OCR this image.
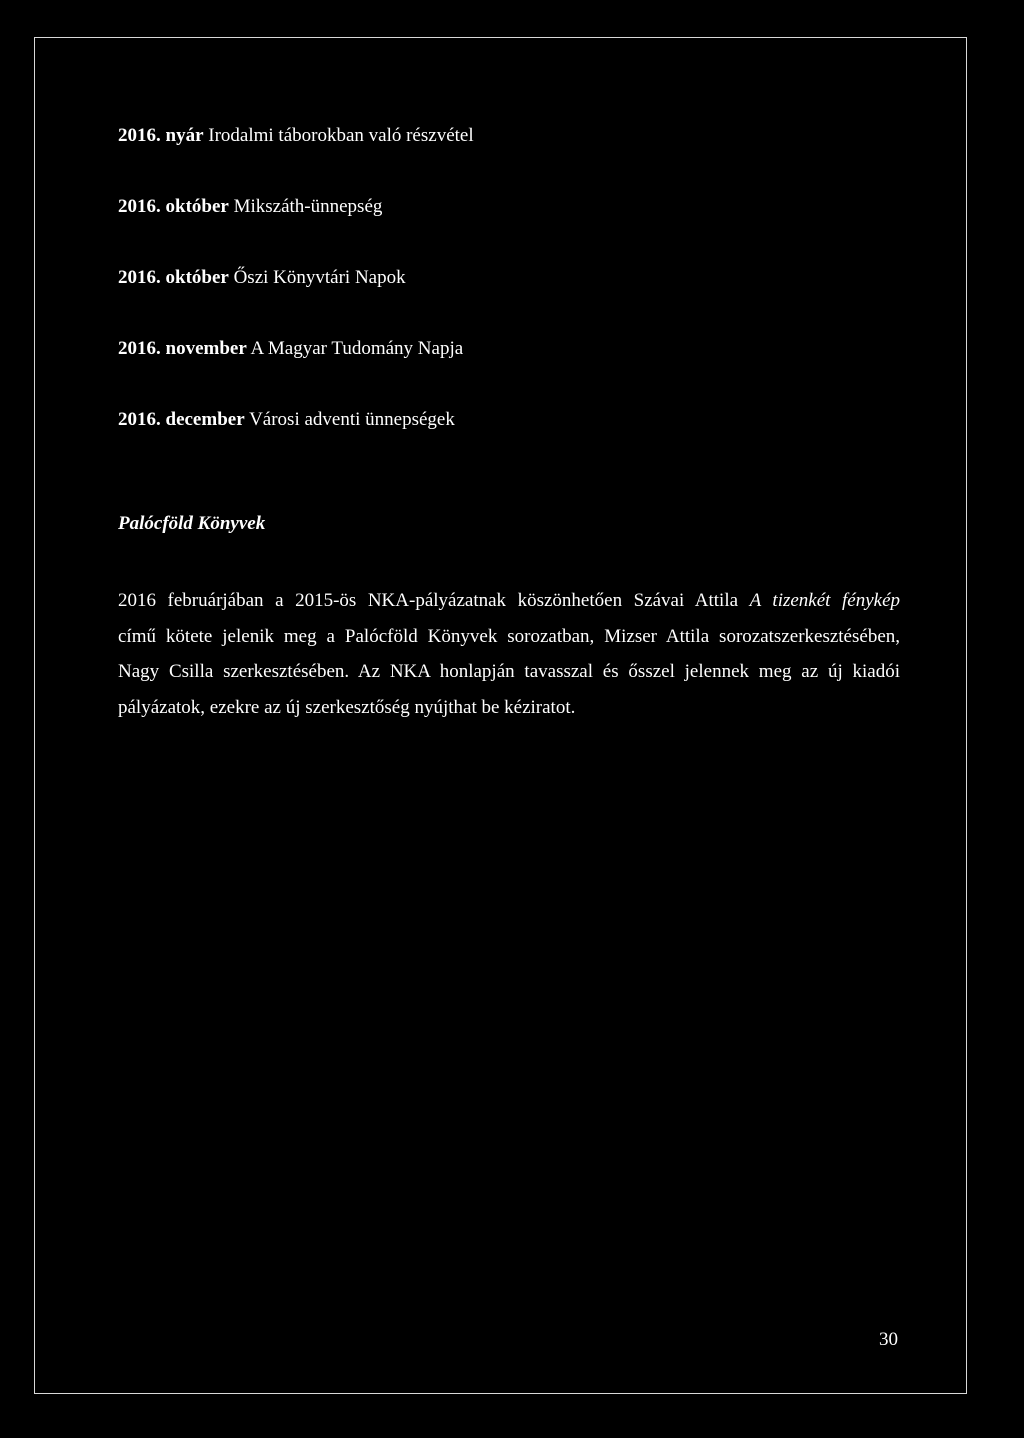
2016. nyár Irodalmi táborokban való részvétel
2016. október Mikszáth-ünnepség
2016. október Őszi Könyvtári Napok
2016. november A Magyar Tudomány Napja
2016. december Városi adventi ünnepségek
Palócföld Könyvek

2016 februárjában a 2015-ös NKA-pályázatnak köszönhetően Szávai Attila A tizenkét fénykép
című kötete jelenik meg a Palócföld Könyvek sorozatban, Mizser Attila sorozatszerkesztésében,
Nagy Csilla szerkesztésében. Az NKA honlapján tavasszal és ősszel jelennek meg az új kiadói
pályázatok, ezekre az új szerkesztőség nyújthat be kéziratot.

30
